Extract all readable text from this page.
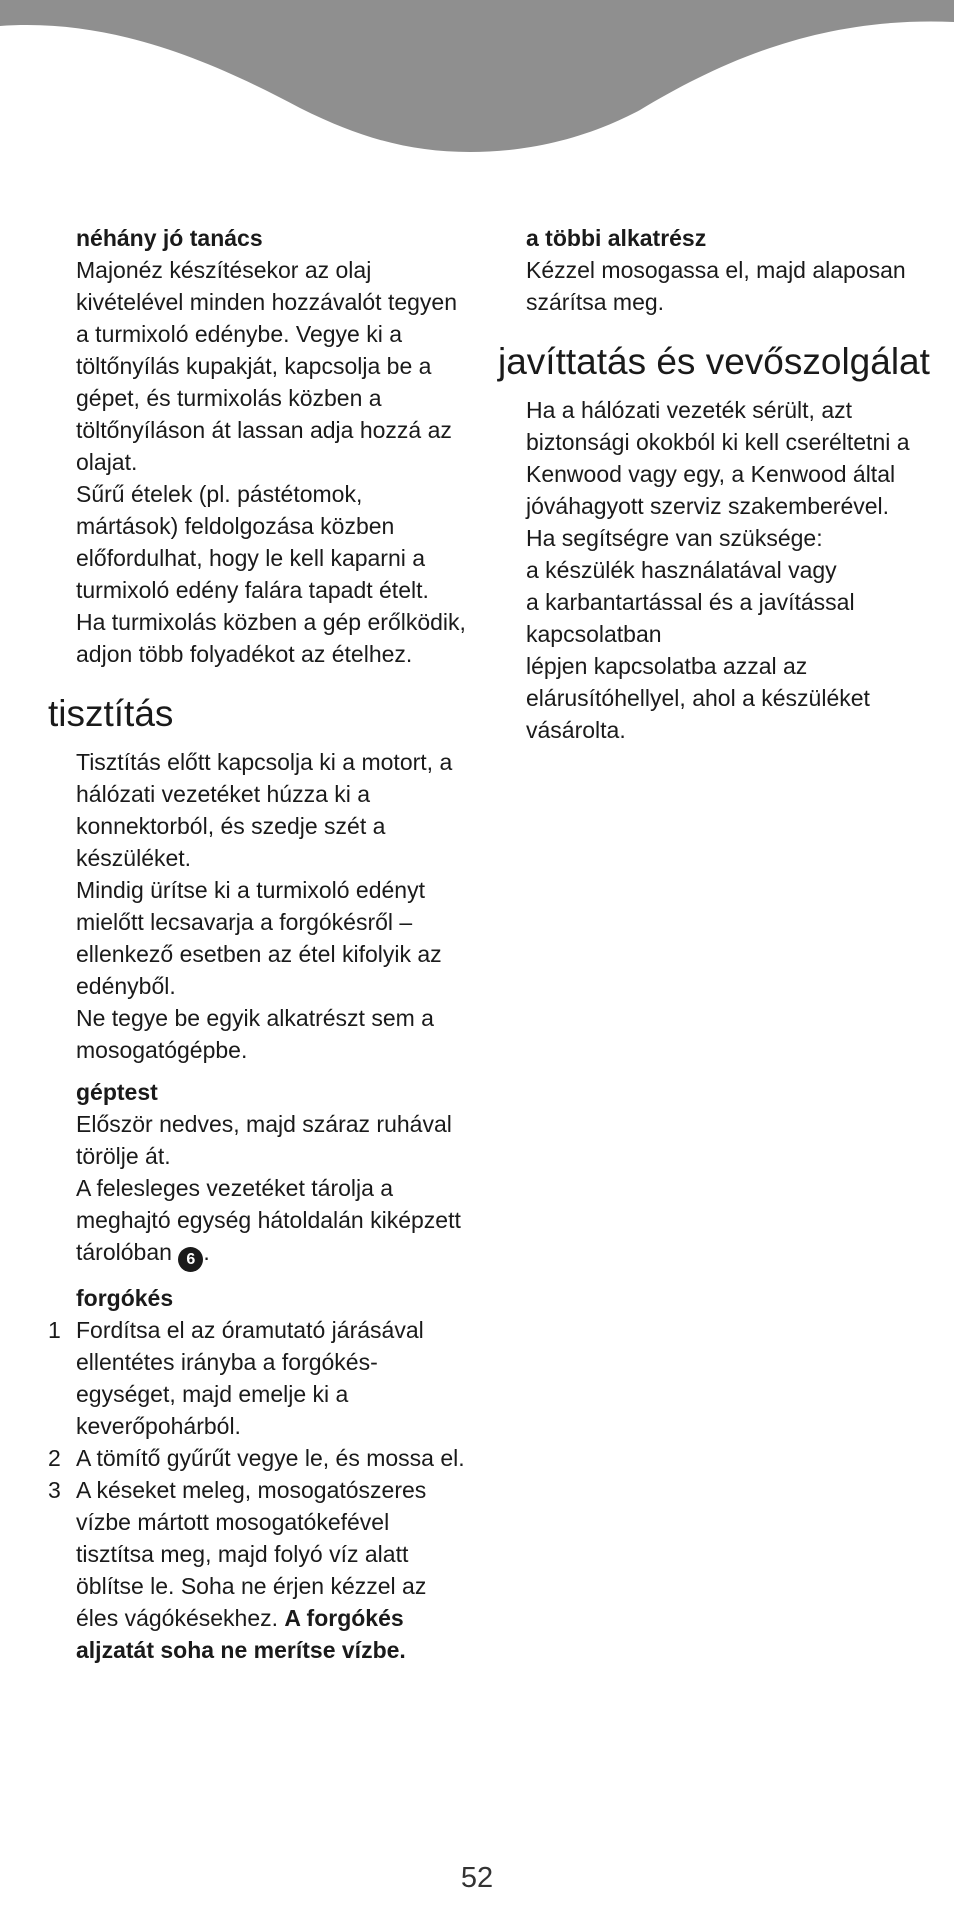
néhány jó tanács

Majonéz készítésekor az olaj kivételével minden hozzávalót tegyen a turmixoló edénybe. Vegye ki a töltőnyílás kupakját, kapcsolja be a gépet, és turmixolás közben a töltőnyíláson át lassan adja hozzá az olajat.

Sűrű ételek (pl. pástétomok, mártások) feldolgozása közben előfordulhat, hogy le kell kaparni a turmixoló edény falára tapadt ételt.

Ha turmixolás közben a gép erőlködik, adjon több folyadékot az ételhez.

tisztítás

Tisztítás előtt kapcsolja ki a motort, a hálózati vezetéket húzza ki a konnektorból, és szedje szét a készüléket.

Mindig ürítse ki a turmixoló edényt mielőtt lecsavarja a forgókésről – ellenkező esetben az étel kifolyik az edényből.

Ne tegye be egyik alkatrészt sem a mosogatógépbe.

géptest

Először nedves, majd száraz ruhával törölje át.

A felesleges vezetéket tárolja a meghajtó egység hátoldalán kiképzett tárolóban 6 .

forgókés

1 Fordítsa el az óramutató járásával ellentétes irányba a forgókés-egységet, majd emelje ki a keverőpohárból.
2 A tömítő gyűrűt vegye le, és mossa el.
3 A késeket meleg, mosogatószeres vízbe mártott mosogatókefével tisztítsa meg, majd folyó víz alatt öblítse le. Soha ne érjen kézzel az éles vágókésekhez. A forgókés aljzatát soha ne merítse vízbe.

a többi alkatrész

Kézzel mosogassa el, majd alaposan szárítsa meg.

javíttatás és vevőszolgálat

Ha a hálózati vezeték sérült, azt biztonsági okokból ki kell cseréltetni a Kenwood vagy egy, a Kenwood által jóváhagyott szerviz szakemberével.

Ha segítségre van szüksége:

a készülék használatával vagy

a karbantartással és a javítással kapcsolatban

lépjen kapcsolatba azzal az elárusítóhellyel, ahol a készüléket vásárolta.

52
